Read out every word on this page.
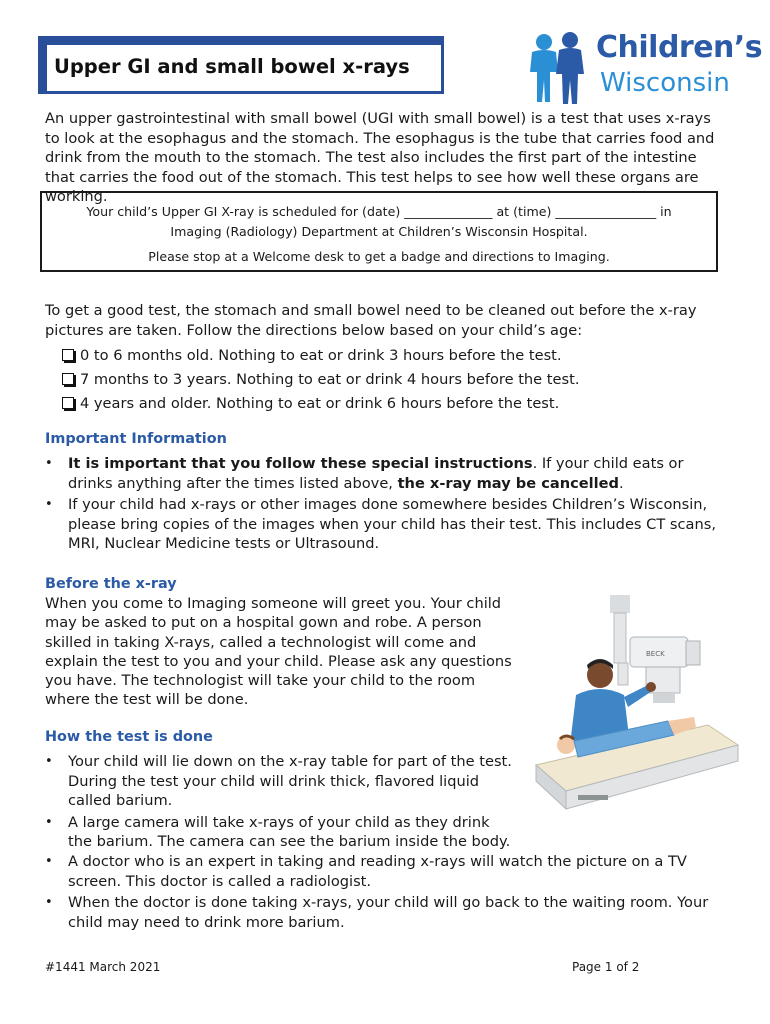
Upper GI and small bowel x-rays
Children’s
Wisconsin

An upper gastrointestinal with small bowel (UGI with small bowel) is a test that uses x-rays to look at the esophagus and the stomach. The esophagus is the tube that carries food and drink from the mouth to the stomach. The test also includes the first part of the intestine that carries the food out of the stomach. This test helps to see how well these organs are working.

Your child’s Upper GI X-ray is scheduled for (date) ______________ at (time) ________________ in
Imaging (Radiology) Department at Children’s Wisconsin Hospital.
Please stop at a Welcome desk to get a badge and directions to Imaging.

To get a good test, the stomach and small bowel need to be cleaned out before the x-ray pictures are taken. Follow the directions below based on your child’s age:

0 to 6 months old. Nothing to eat or drink 3 hours before the test.
7 months to 3 years. Nothing to eat or drink 4 hours before the test.
4 years and older. Nothing to eat or drink 6 hours before the test.
Important Information
• It is important that you follow these special instructions. If your child eats or drinks anything after the times listed above, the x-ray may be cancelled.
• If your child had x-rays or other images done somewhere besides Children’s Wisconsin, please bring copies of the images when your child has their test. This includes CT scans, MRI, Nuclear Medicine tests or Ultrasound.
Before the x-ray

When you come to Imaging someone will greet you. Your child may be asked to put on a hospital gown and robe. A person skilled in taking X-rays, called a technologist will come and explain the test to you and your child. Please ask any questions you have. The technologist will take your child to the room where the test will be done.

BECK
How the test is done
• Your child will lie down on the x-ray table for part of the test. During the test your child will drink thick, flavored liquid called barium.
• A large camera will take x-rays of your child as they drink the barium. The camera can see the barium inside the body.
• A doctor who is an expert in taking and reading x-rays will watch the picture on a TV screen. This doctor is called a radiologist.
• When the doctor is done taking x-rays, your child will go back to the waiting room. Your child may need to drink more barium.
#1441 March 2021	Page 1 of 2
